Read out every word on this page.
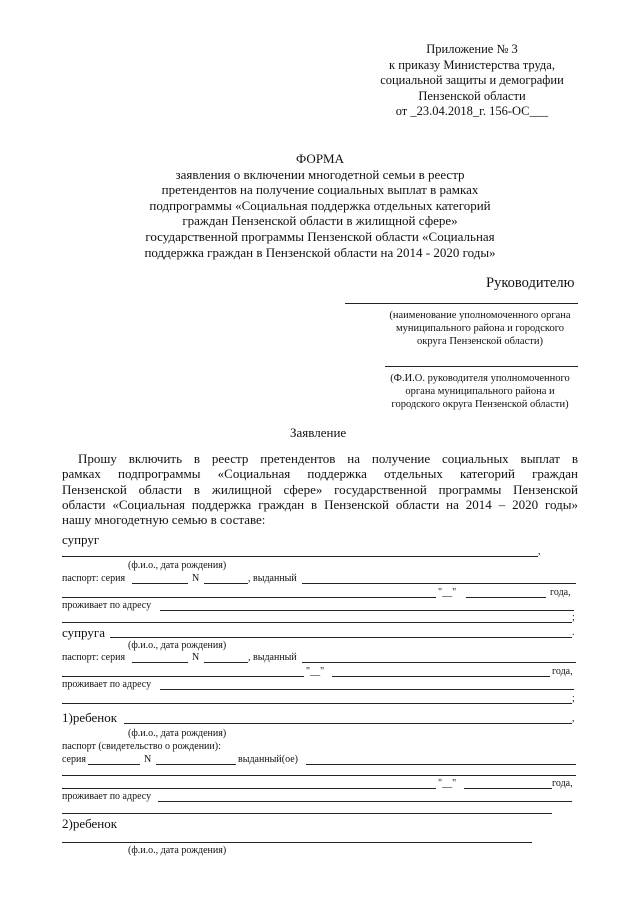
Приложение № 3
к приказу Министерства труда,
социальной защиты и демографии
Пензенской области
от _23.04.2018_г. 156-ОС___
ФОРМА
заявления о включении многодетной семьи в реестр
претендентов на получение социальных выплат в рамках
подпрограммы «Социальная поддержка отдельных категорий
граждан Пензенской области в жилищной сфере»
государственной программы Пензенской области «Социальная
поддержка граждан в Пензенской области на 2014 - 2020 годы»
Руководителю
(наименование уполномоченного органа
муниципального района и городского
округа Пензенской области)
(Ф.И.О. руководителя уполномоченного
органа муниципального района и
городского округа Пензенской области)
Заявление
Прошу включить в реестр претендентов на получение социальных выплат в
рамках подпрограммы «Социальная поддержка отдельных категорий граждан
Пензенской области в жилищной сфере» государственной программы Пензенской
области «Социальная поддержка граждан в Пензенской области на 2014 – 2020 годы»
нашу многодетную семью в составе:
супруг
,
(ф.и.о., дата рождения)
паспорт: серия	N	, выданный
"__"	года,
проживает по адресу
;
супруга	.
(ф.и.о., дата рождения)
паспорт: серия	N	, выданный
"__"	года,
проживает по адресу
;
1)ребенок	,
(ф.и.о., дата рождения)
паспорт (свидетельство о рождении):
серия	N	выданный(ое)
"__"	года,
проживает по адресу
2)ребенок
(ф.и.о., дата рождения)
